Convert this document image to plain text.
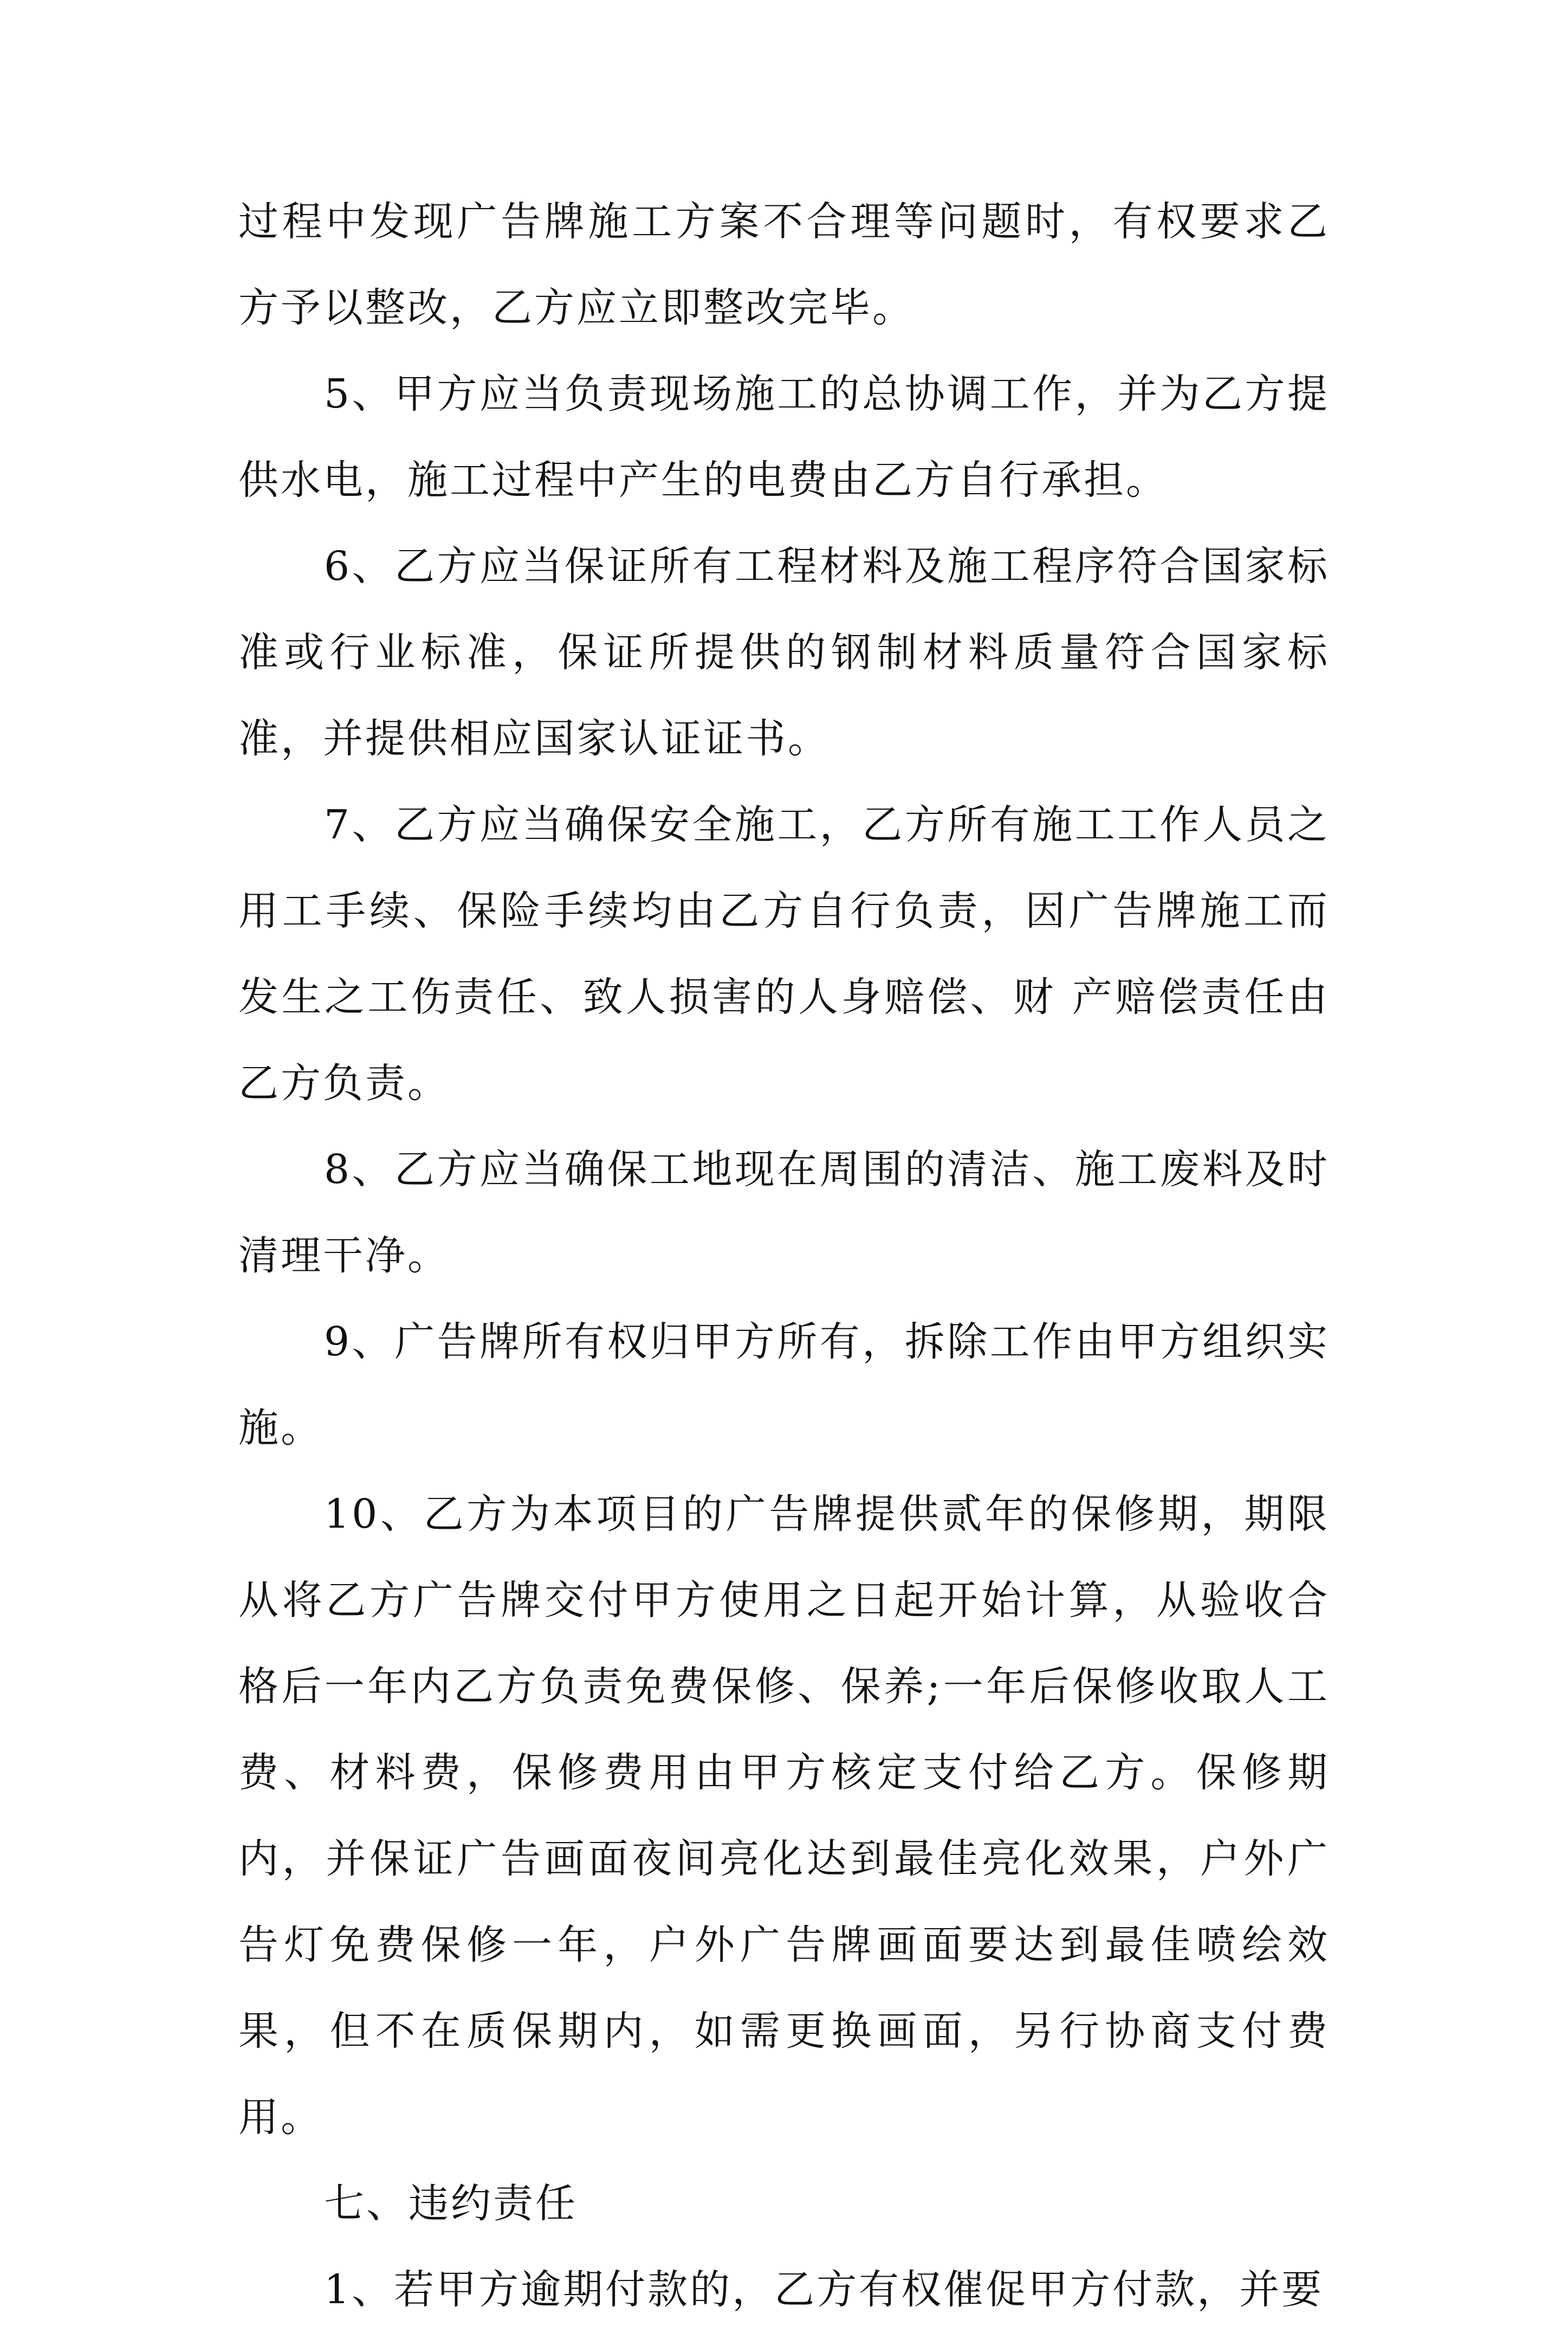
过程中发现广告牌施工方案不合理等问题时，有权要求乙方予以整改，乙方应立即整改完毕。

5、甲方应当负责现场施工的总协调工作，并为乙方提供水电，施工过程中产生的电费由乙方自行承担。

6、乙方应当保证所有工程材料及施工程序符合国家标准或行业标准，保证所提供的钢制材料质量符合国家标准，并提供相应国家认证证书。

7、乙方应当确保安全施工，乙方所有施工工作人员之用工手续、保险手续均由乙方自行负责，因广告牌施工而发生之工伤责任、致人损害的人身赔偿、财 产赔偿责任由乙方负责。

8、乙方应当确保工地现在周围的清洁、施工废料及时清理干净。

9、广告牌所有权归甲方所有，拆除工作由甲方组织实施。

10、乙方为本项目的广告牌提供贰年的保修期，期限从将乙方广告牌交付甲方使用之日起开始计算，从验收合格后一年内乙方负责免费保修、保养;一年后保修收取人工费、材料费，保修费用由甲方核定支付给乙方。保修期内，并保证广告画面夜间亮化达到最佳亮化效果，户外广告灯免费保修一年，户外广告牌画面要达到最佳喷绘效果，但不在质保期内，如需更换画面，另行协商支付费用。

七、违约责任

1、若甲方逾期付款的，乙方有权催促甲方付款，并要
